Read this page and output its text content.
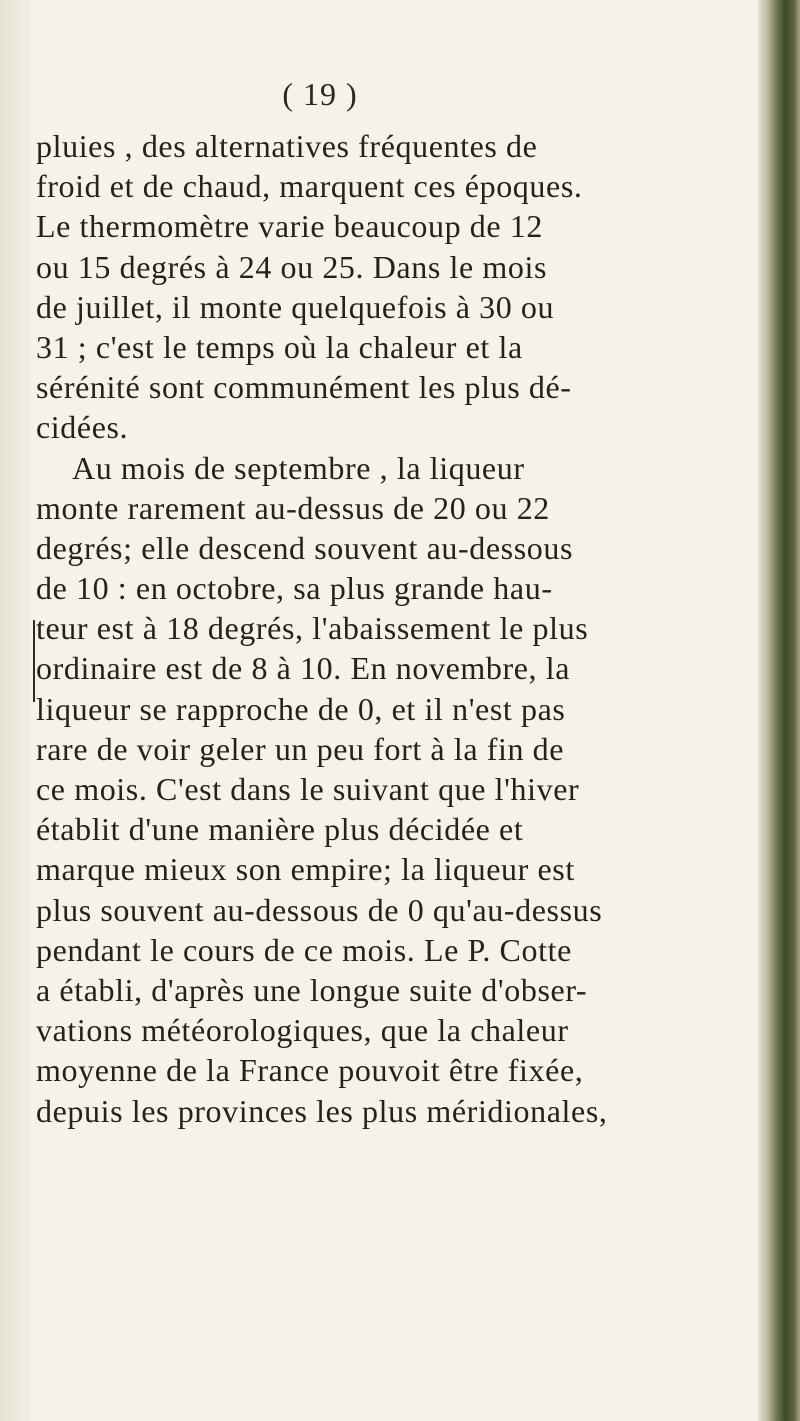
( 19 )
pluies , des alternatives fréquentes de
froid et de chaud, marquent ces époques.
Le thermomètre varie beaucoup de 12
ou 15 degrés à 24 ou 25. Dans le mois
de juillet, il monte quelquefois à 30 ou
31 ; c'est le temps où la chaleur et la
sérénité sont communément les plus dé-
cidées.
Au mois de septembre , la liqueur
monte rarement au-dessus de 20 ou 22
degrés; elle descend souvent au-dessous
de 10 : en octobre, sa plus grande hau-
teur est à 18 degrés, l'abaissement le plus
ordinaire est de 8 à 10. En novembre, la
liqueur se rapproche de 0, et il n'est pas
rare de voir geler un peu fort à la fin de
ce mois. C'est dans le suivant que l'hiver
établit d'une manière plus décidée et
marque mieux son empire; la liqueur est
plus souvent au-dessous de 0 qu'au-dessus
pendant le cours de ce mois. Le P. Cotte
a établi, d'après une longue suite d'obser-
vations météorologiques, que la chaleur
moyenne de la France pouvoit être fixée,
depuis les provinces les plus méridionales,
